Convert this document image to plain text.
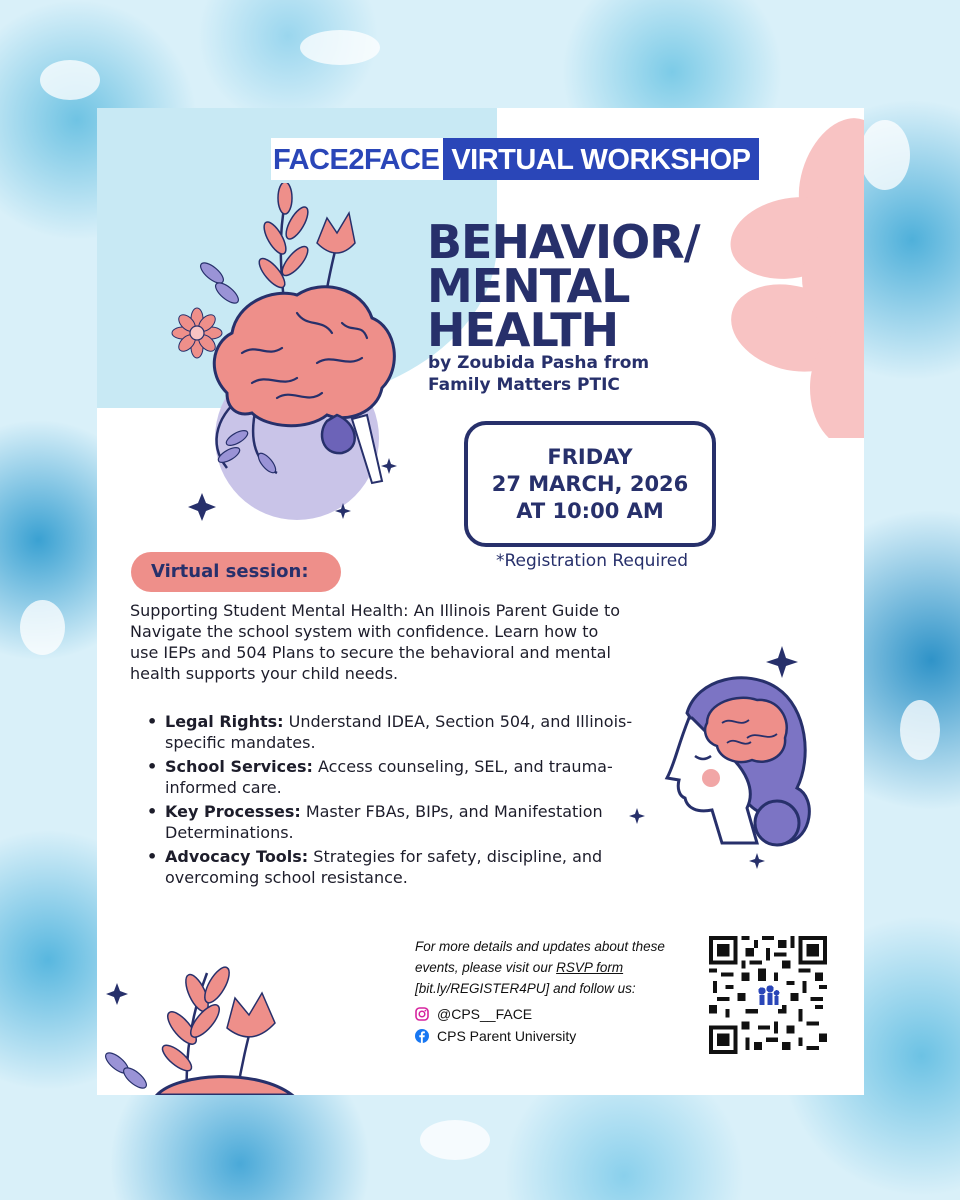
FACE2FACE VIRTUAL WORKSHOP
BEHAVIOR/
MENTAL
HEALTH
by Zoubida Pasha from
Family Matters PTIC
FRIDAY
27 MARCH, 2026
AT 10:00 AM
*Registration Required
Virtual session:
Supporting Student Mental Health: An Illinois Parent Guide to Navigate the school system with confidence. Learn how to use IEPs and 504 Plans to secure the behavioral and mental health supports your child needs.
• Legal Rights: Understand IDEA, Section 504, and Illinois-specific mandates.
• School Services: Access counseling, SEL, and trauma-informed care.
• Key Processes: Master FBAs, BIPs, and Manifestation Determinations.
• Advocacy Tools: Strategies for safety, discipline, and overcoming school resistance.
For more details and updates about these events, please visit our RSVP form [bit.ly/REGISTER4PU] and follow us:
@CPS__FACE
CPS Parent University
